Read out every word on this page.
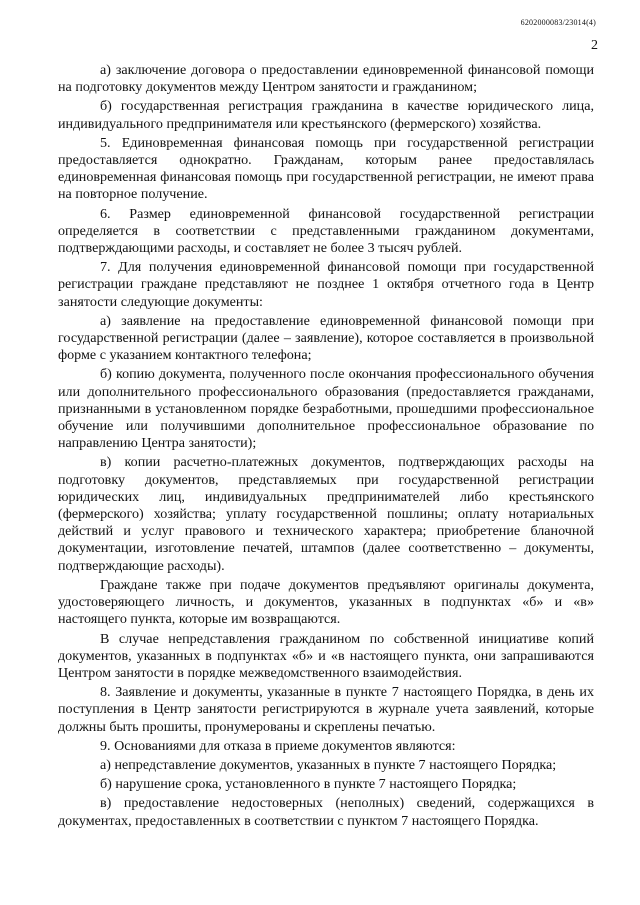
6202000083/23014(4)
2

а) заключение договора о предоставлении единовременной финансовой помощи на подготовку документов между Центром занятости и гражданином;

б) государственная регистрация гражданина в качестве юридического лица, индивидуального предпринимателя или крестьянского (фермерского) хозяйства.

5. Единовременная финансовая помощь при государственной регистрации предоставляется однократно. Гражданам, которым ранее предоставлялась единовременная финансовая помощь при государственной регистрации, не имеют права на повторное получение.

6. Размер единовременной финансовой государственной регистрации определяется в соответствии с представленными гражданином документами, подтверждающими расходы, и составляет не более 3 тысяч рублей.

7. Для получения единовременной финансовой помощи при государственной регистрации граждане представляют не позднее 1 октября отчетного года в Центр занятости следующие документы:

а) заявление на предоставление единовременной финансовой помощи при государственной регистрации (далее – заявление), которое составляется в произвольной форме с указанием контактного телефона;

б) копию документа, полученного после окончания профессионального обучения или дополнительного профессионального образования (предоставляется гражданами, признанными в установленном порядке безработными, прошедшими профессиональное обучение или получившими дополнительное профессиональное образование по направлению Центра занятости);

в) копии расчетно-платежных документов, подтверждающих расходы на подготовку документов, представляемых при государственной регистрации юридических лиц, индивидуальных предпринимателей либо крестьянского (фермерского) хозяйства; уплату государственной пошлины; оплату нотариальных действий и услуг правового и технического характера; приобретение бланочной документации, изготовление печатей, штампов (далее соответственно – документы, подтверждающие расходы).

Граждане также при подаче документов предъявляют оригиналы документа, удостоверяющего личность, и документов, указанных в подпунктах «б» и «в» настоящего пункта, которые им возвращаются.

В случае непредставления гражданином по собственной инициативе копий документов, указанных в подпунктах «б» и «в настоящего пункта, они запрашиваются Центром занятости в порядке межведомственного взаимодействия.

8. Заявление и документы, указанные в пункте 7 настоящего Порядка, в день их поступления в Центр занятости регистрируются в журнале учета заявлений, которые должны быть прошиты, пронумерованы и скреплены печатью.

9. Основаниями для отказа в приеме документов являются:

а) непредставление документов, указанных в пункте 7 настоящего Порядка;

б) нарушение срока, установленного в пункте 7 настоящего Порядка;

в) предоставление недостоверных (неполных) сведений, содержащихся в документах, предоставленных в соответствии с пунктом 7 настоящего Порядка.
